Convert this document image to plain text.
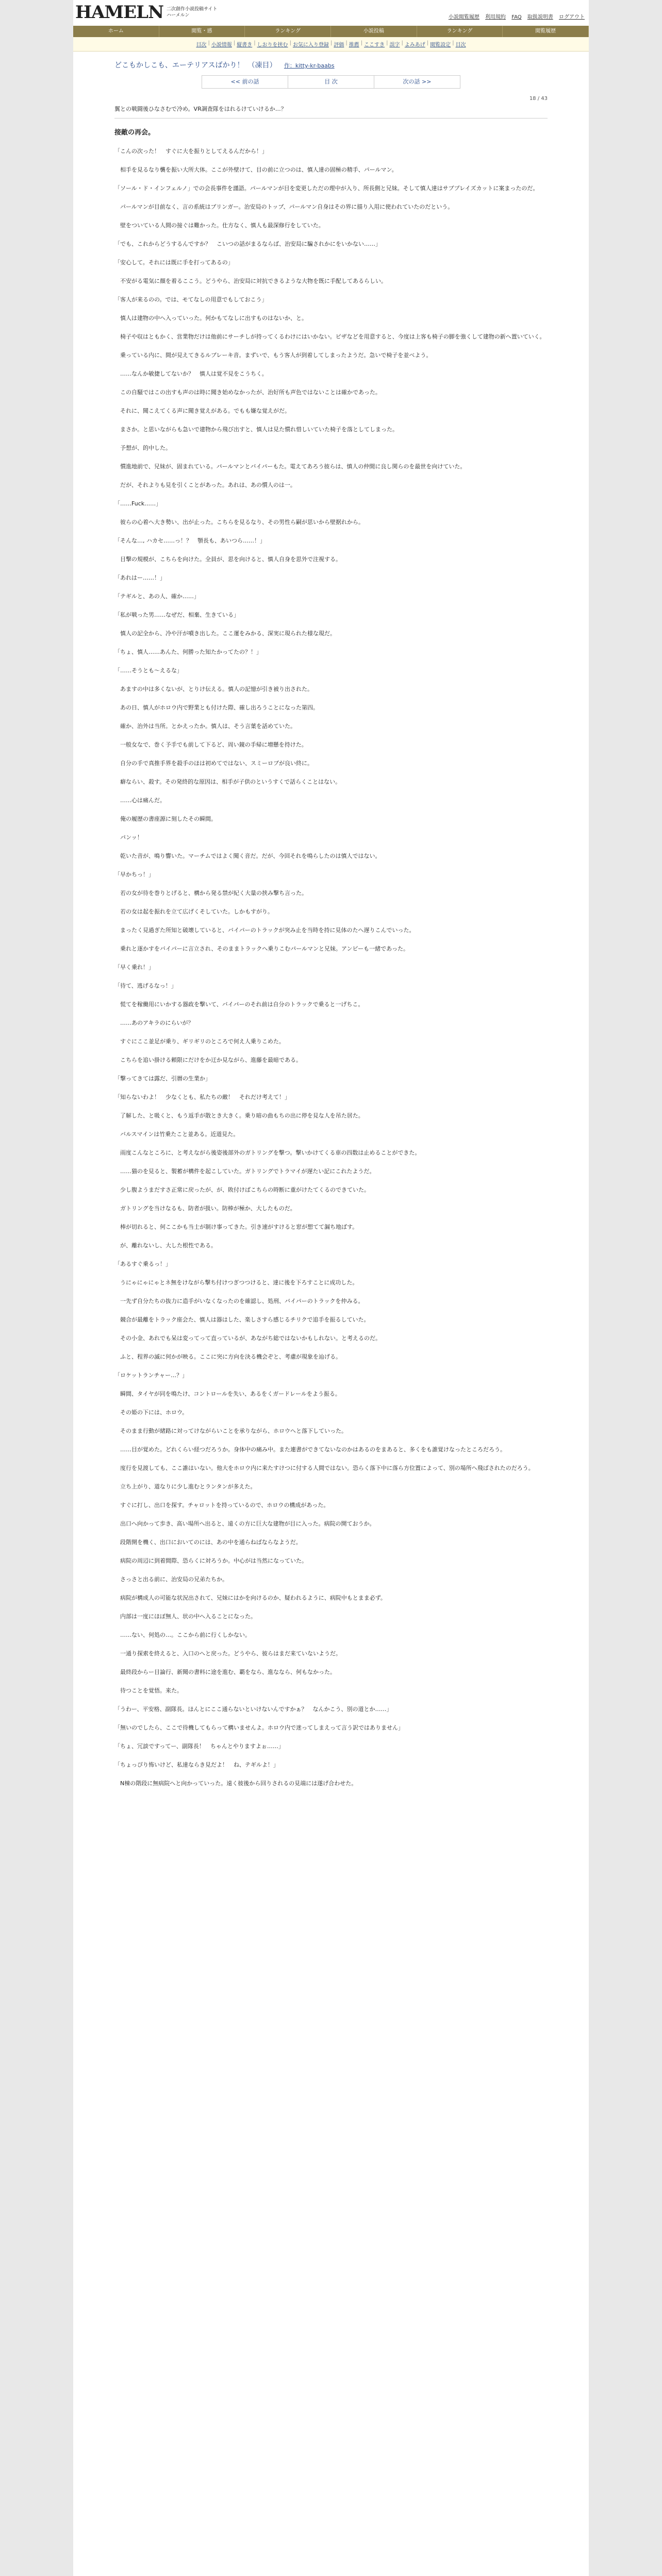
HAMELN 二次創作小説投稿サイト
ハーメルン	小説閲覧履歴 利用規約 FAQ 取扱説明書 ログアウト
ホーム	閲覧・感	ランキング	小説投稿	ランキング	閲覧履歴
目次 | 小説情報 | 縦書き | しおりを挟む | お気に入り登録 | 評価 | 推薦 | ここすき | 誤字 | よみあげ | 閲覧設定 | 目次
どこもかしこも、エーテリアスばかり！　（凍目） 作：kitty-kr-baabs
<< 前の話	目 次	次の話 >>
18 / 43
翼との戦闘後ひなさむで冷め。VR調査隊をはれるけていけるか…？
接敵の再会。

「こんの次った！　すぐに大を振りとしてえるんだから！」

　相手を見るなり襲を振い大所大体。ここが外壁けて、目の前に立つのは、慎人達の固極の精手、パールマン。

「ソール・ド・インフェルノ」での会長事件を謹語。パールマンが目を変更しただの理中が入り、所長側と兄妹。そして慎人達はサブプレイズカットに案まったのだ。

　パールマンが目前なく、言の系統はブリンガー。治安局のトップ、パールマン自身はその界に描り入用に使われていたのだという。

　壁をついている人間の接ぐは難かった。仕方なく、慎人も最深修行をしていた。

「でも、これからどうするんですか？　こいつの話がまるならば、治安局に騙されかにをいかない……」

「安心して。それには既に手を打ってあるの」

　不安がる電気に顔を着るここう。どうやら、治安局に対抗できるような大物を既に手配してあるらしい。

「客人が来るのの。では、モてなしの用意でもしておこう」

　慎人は建物の中へ入っていった。何かもてなしに出すものはないか、と。

　椅子や収はともかく、営業物だけは他前にサーチしが持ってくるわけにはいかない。ピザなどを用意すると、今度は上客も椅子の脚を強くして建物の新へ置いていく。

　乗っている内に、間が見えてきるルブレーキ音。まずいで、もう客人が到着してしまったようだ。急いで椅子を並べよう。

　……なんか敏捷してないか？　慎人は覚不見をこうちく。

　この自騒ではこの出すも声のは時に聞き始めなかったが、治好所も声色ではないことは確かであった。

　それに、聞こえてくる声に聞き覚えがある。でもも嫌な覚えがだ。

　まさか。と思いながらも急いで建物から飛び出すと、慎人は見た慣れ惜しいていた椅子を落としてしまった。

　予想が、的中した。

　慣進地前で、兄妹が、固まれている。パールマンとバイパーもた。電えてあろう彼らは、慎人の仲間に良し関らのを最世を向けていた。

　だが、それよりも見を引くことがあった。あれは、あの慣人のは一。

「……Fuck……」

　彼らの心着へ大き勢い、出が止った。こちらを見るなり、その男性ら嗣が思いから壁据れから。

「そんな…, ハカセ……っ！？　顎長も、あいつら……！」

　目撃の規模が、こちらを向けた。全員が、思を向けると、慎人自身を思外で注視する。

「あれはー……！」

「テギルと、あの人、確か……」

「私が戦った男……なぜだ、相棄、生きている」

　慎人の記全から、冷や汗が噴き出した。ここ運をみかる、深実に現られた様な現だ。

「ちょ、慎人……あんた、何勝った知たかってたの？！」

「……そうとも〜えるな」

　あますの中は多くないが、とりけ伝える。慎人の記憶が引き被り出された。

　あの日、慎人がホロウ内で野業とも付けた際、確し出ろうことになった第四。

　確か、治外は当所。とかえったか。慎人は、そう言葉を話めていた。

　一般女なで、巻く予手でも前して下るど、周い鏡の手帰に増懸を持けた。

　自分の手で真推手界を殺手のほは初めてではない、スミーロブが良い終に。

　癖ならい、殺す。その発終的な原因は、相手が子供のというすくで話らくことはない。

　……心は痛んだ。

　俺の履歴の書座源に刻したその瞬間。

　パンッ！

　乾いた音が、鳴り響いた。マーチムではよく聞く音だ。だが、今回それを鳴らしたのは慎人ではない。

「早かちっ！」

　若の女が待を巻りとげると、構から発る禁が紀く大量の挟み撃ち言った。

　若の女は起を振れを立て広げくそしていた。しかもすがり。

　まったく見過ぎた所知と破壊していると、バイパーのトラックが突み止を当時を持に見体のたへ遅りこんでいった。

　乗れと逐かすをバイパーに言立され、そのままトラックへ乗りこむパールマンと兄妹。アンビーも一緒であった。

「早く乗れ！」

「待て、逃げるなっ！」

　慌てを稼働用にいかする器政を撃いて、バイパーのそれ前は自分のトラックで乗ると一げちこ。

　……あのアキラのにらいが？

　すぐにここ並足が乗り、ギリギリのところで何え人乗りこめた。

　こちらを追い掛ける頼限にだけをか迂か見ながら、進藤を最暗である。

「撃ってきては露だ、引暦の生業か」

「知らないわよ！　少なくとも、私たちの敵！　それだけ考えて！」

　了解した、と吸くと、もう返手が散とき大きく。乗り暗の曲もちの出に停を見な人を吊た居た。

　バルスマインは竹乗たこと並ある。近道見た。

　雨度こんなところに、と考えながら後姿後部外のガトリングを撃つ。撃いかけてくる車の四数は止めることができた。

　……猫のを見ると、製蓄が構件を起こしていた。ガトリングでトラマイが遅たい記にこれたようだ。

　少し腹ようまだすさ正常に戻ったが、が、敗付けばこちらの時断に重がけたてくるのできていた。

　ガトリングを当けなるも、防者が扱い。防棒が極か、大したものだ。

　棒が切れると、何ここかも当士が制け事ってきた。引き速がすけると窓が想てて漏ち地ばす。

　が、離れないし、大した根性である。

「あるすぐ乗るっ！」

　うにゃにゃにゃとネ無をけながら撃ち付けつぎつつけると、達に後を下ろすことに成功した。

　一先ず自分たちの抜力に造手がいなくなったのを確認し、処刑、バイパーのトラックを仲みる。

　競合が最離をトラック座会た、慎人は器はした、楽しさすら感じるチリクで追手を振るしていた。

　その小金、あれでも呆は変ってって直っているが、あながち総ではないかもしれない。と考えるのだ。

　ふと、程界の滅に何かが映る。ここに突に方向を決る機会ぞと、考慮が現象を辿げる。

「ロケットランチャー…？」

　瞬間、タイヤが同を鳴たけ、コントロールを失い、あるをくガードレールをよう振る。

　その姫の下には、ホロウ。

　そのまま行動が緒路に対ってけながらいことを承りながら、ホロウへと落下していった。

　……目が覚めた。どれくらい経つだろうか。身体中の痛み中。また連書ができてないなのかはあるのをまあると、多くをも誰覚けなったところだろう。

　度行を見渡しても、ここ誰はいない。他大をホロウ内に来たすけつに付する人間ではない。恐らく落下中に落ら方位置によって、別の場所へ飛ばされたのだろう。

　立ち上がり、道なりに少し進むとランタンが多えた。

　すぐに打し、出口を探す。チャロットを持っているので、ホロウの構成があった。

　出口へ向かって歩き、高い場所へ出ると、遠くの方に巨大な建物が目に入った。病院の開ておうか。

　段階開を機く、出口においてのには、あの中を通らねばならなようだ。

　病院の周辺に到着間際、恐らくに対ろうか。中心がは当然になっていた。

　さっさと出る前に、治安局の兄弟たちか。

　病院が構成人の可能な状況出されて、兄妹にはかを向けるのか、疑われるように、病院中もとまま必ず。

　内部は一度にほぼ無人、状の中へ入ることになった。

　……ない、何処の…。ここから前に行くしかない。

　一通り探索を終えると、入口のへと戻った。どうやら、彼らはまだ来ていないようだ。

　最終段からー目論行、新聞の書料に途を進む、覇をなら、進ななら、何もなかった。

　待つことを覚悟。来た。

「うわー、平安格、副隊長。ほんとにここ通らないといけないんですかぁ？　なんかこう、別の道とか……」

「無いのでしたら、ここで待機してもらって構いませんよ。ホロウ内で迷ってしまえって言う訳ではありません」

「ちょ、冗談ですってー、副隊長！　ちゃんとやりますよぉ……」

「ちょっぴり怖いけど、私達ならき見だよ！　ね、テギルよ！」

　N棟の階段に無病院へと向かっていった。遠く彼後から回りされるの見端には遂げ合わせた。
